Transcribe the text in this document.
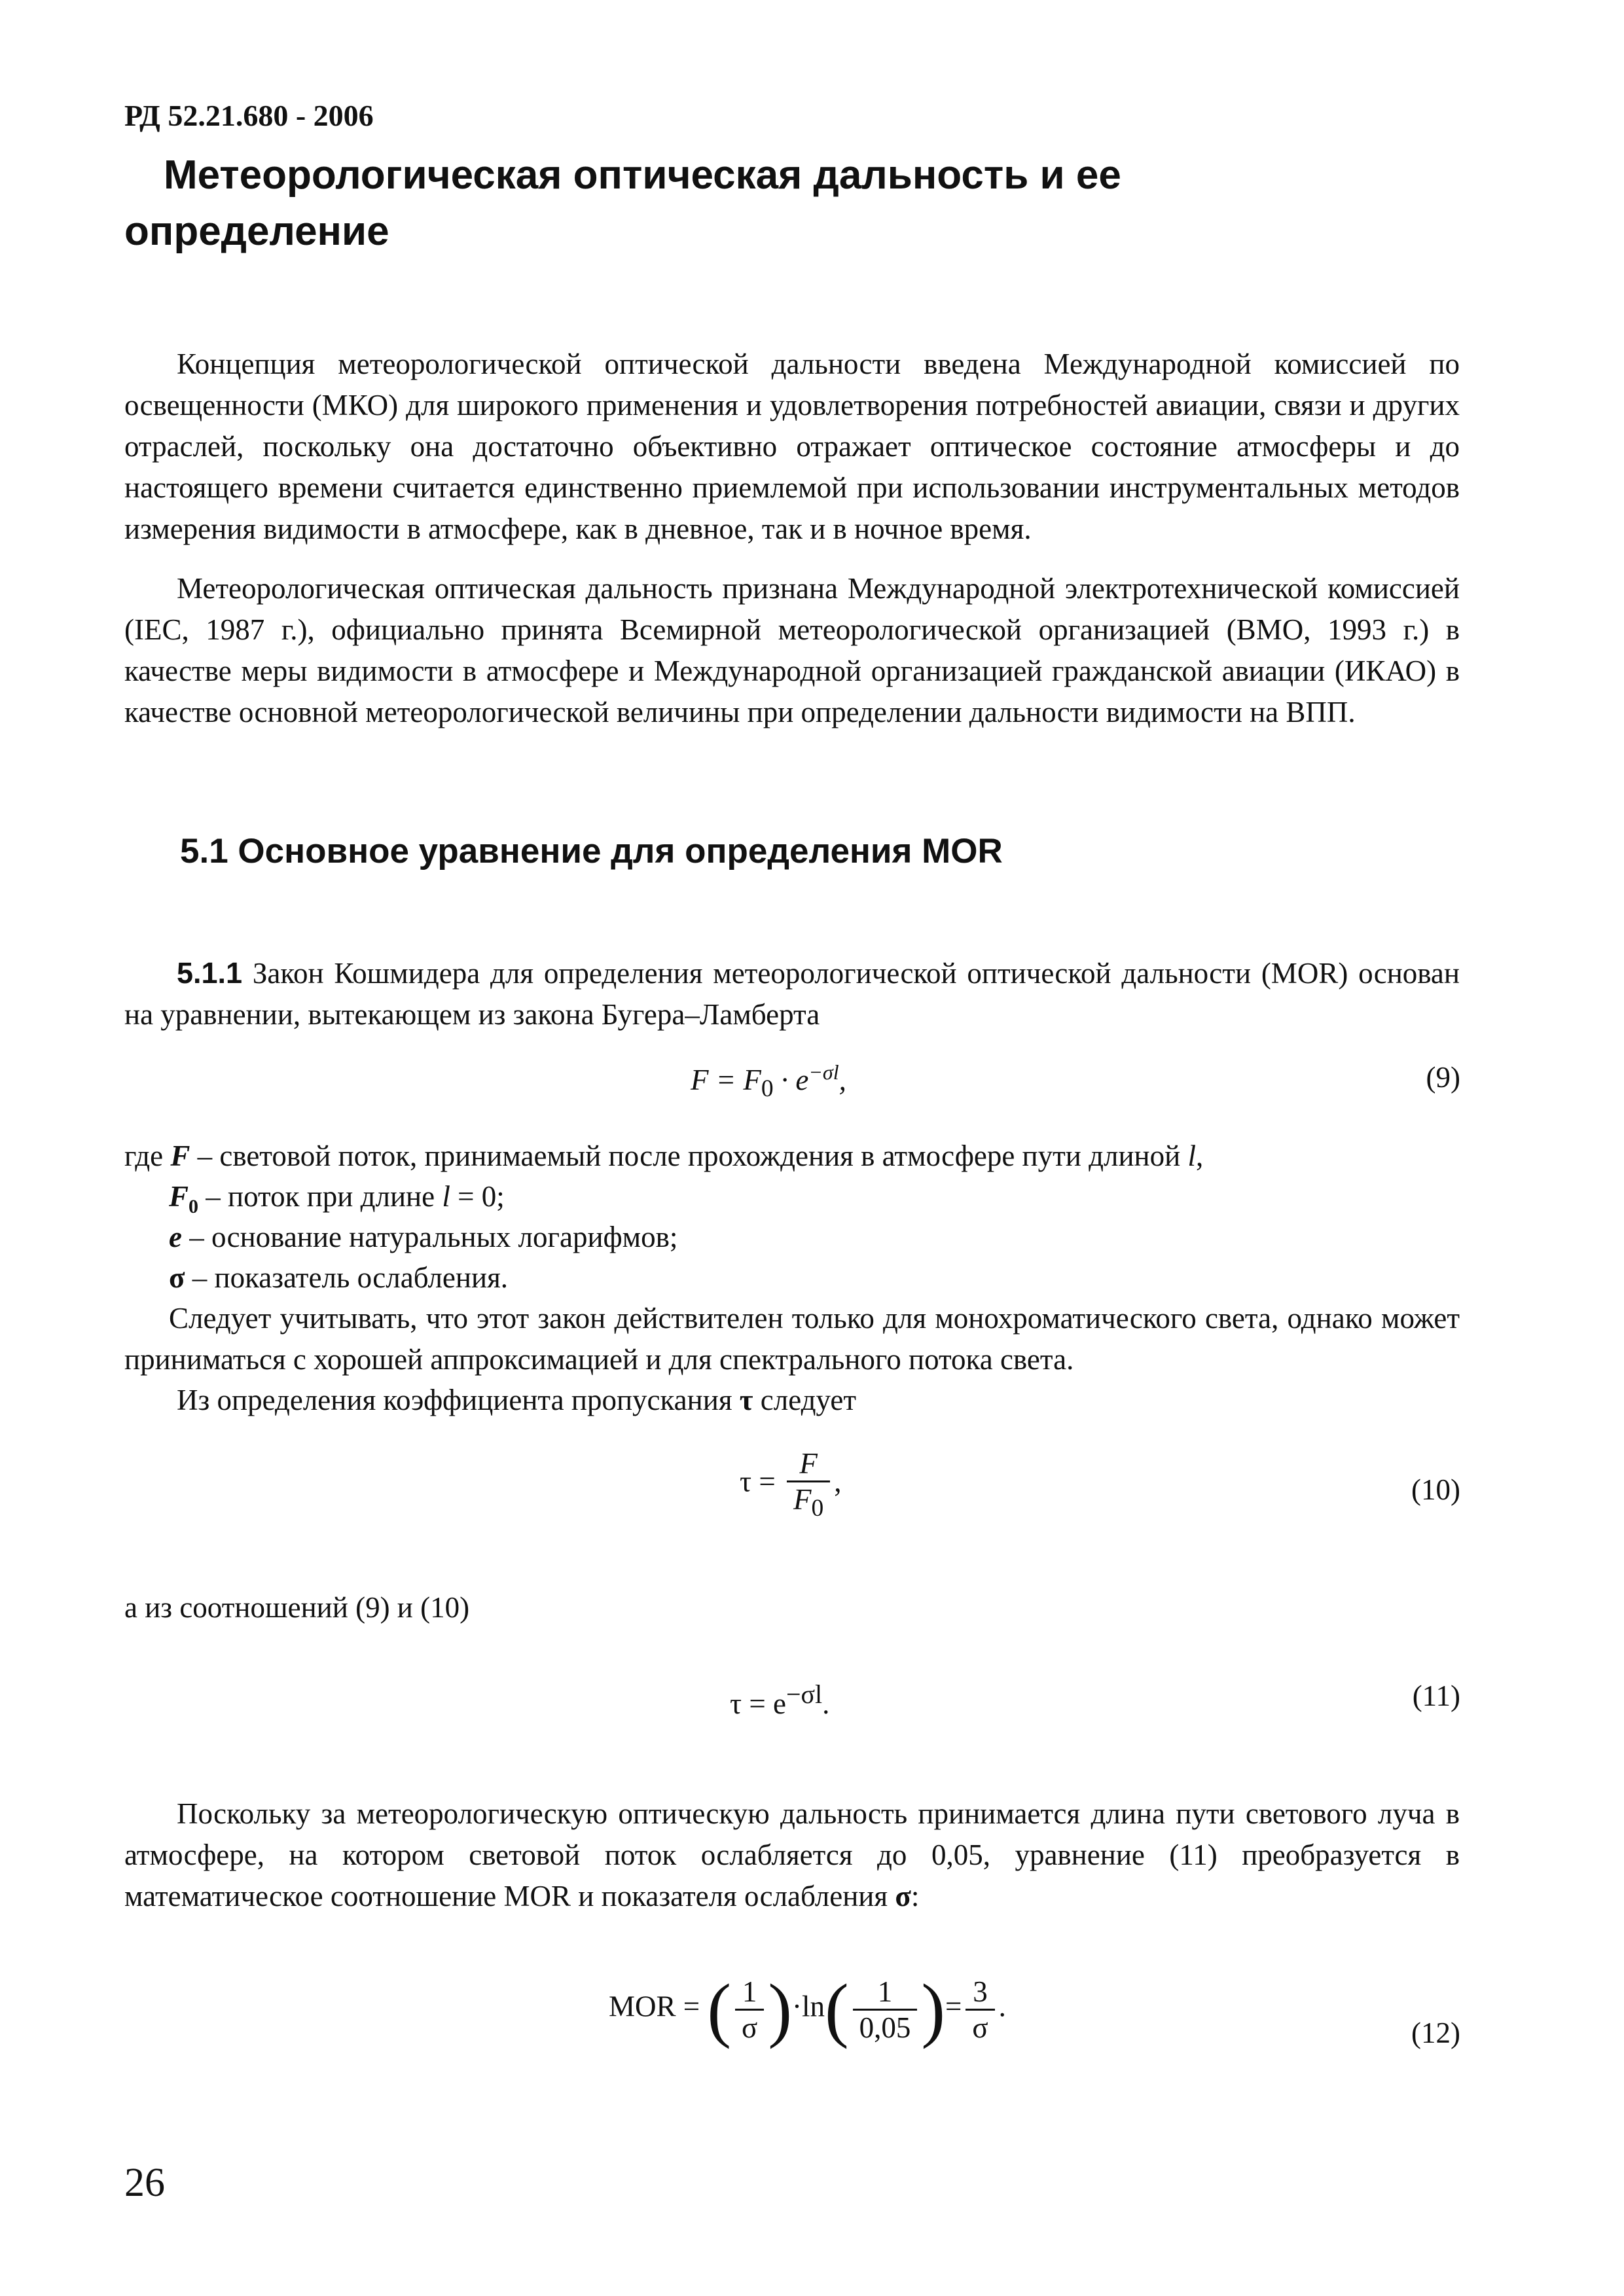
РД 52.21.680 - 2006
Метеорологическая оптическая дальность и ее определение
Концепция метеорологической оптической дальности введена Международной комиссией по освещенности (МКО) для широкого применения и удовлетворения потребностей авиации, связи и других отраслей, поскольку она достаточно объективно отражает оптическое состояние атмосферы и до настоящего времени считается единственно приемлемой при использовании инструментальных методов измерения видимости в атмосфере, как в дневное, так и в ночное время.
Метеорологическая оптическая дальность признана Международной электротехнической комиссией (IEC, 1987 г.), официально принята Всемирной метеорологической организацией (ВМО, 1993 г.) в качестве меры видимости в атмосфере и Международной организацией гражданской авиации (ИКАО) в качестве основной метеорологической величины при определении дальности видимости на ВПП.
5.1 Основное уравнение для определения MOR
5.1.1 Закон Кошмидера для определения метеорологической оптической дальности (MOR) основан на уравнении, вытекающем из закона Бугера–Ламберта
$F = F_0 \cdot e^{-\sigma l}$,	(9)
где F – световой поток, принимаемый после прохождения в атмосфере пути длиной l,
$F_0$ – поток при длине l = 0;
e – основание натуральных логарифмов;
σ – показатель ослабления.
Следует учитывать, что этот закон действителен только для монохроматического света, однако может приниматься с хорошей аппроксимацией и для спектрального потока света.
Из определения коэффициента пропускания τ следует
$\tau = \frac{F}{F_0}$ ,	(10)
а из соотношений (9) и (10)
$\tau = e^{-\sigma l}$.	(11)
Поскольку за метеорологическую оптическую дальность принимается длина пути светового луча в атмосфере, на котором световой поток ослабляется до 0,05, уравнение (11) преобразуется в математическое соотношение MOR и показателя ослабления σ:
MOR = ( $\frac{1}{\sigma} )\cdot\ln( \frac{1}{0,05}$ )= $\frac{3}{\sigma}$ .
(12)
26
